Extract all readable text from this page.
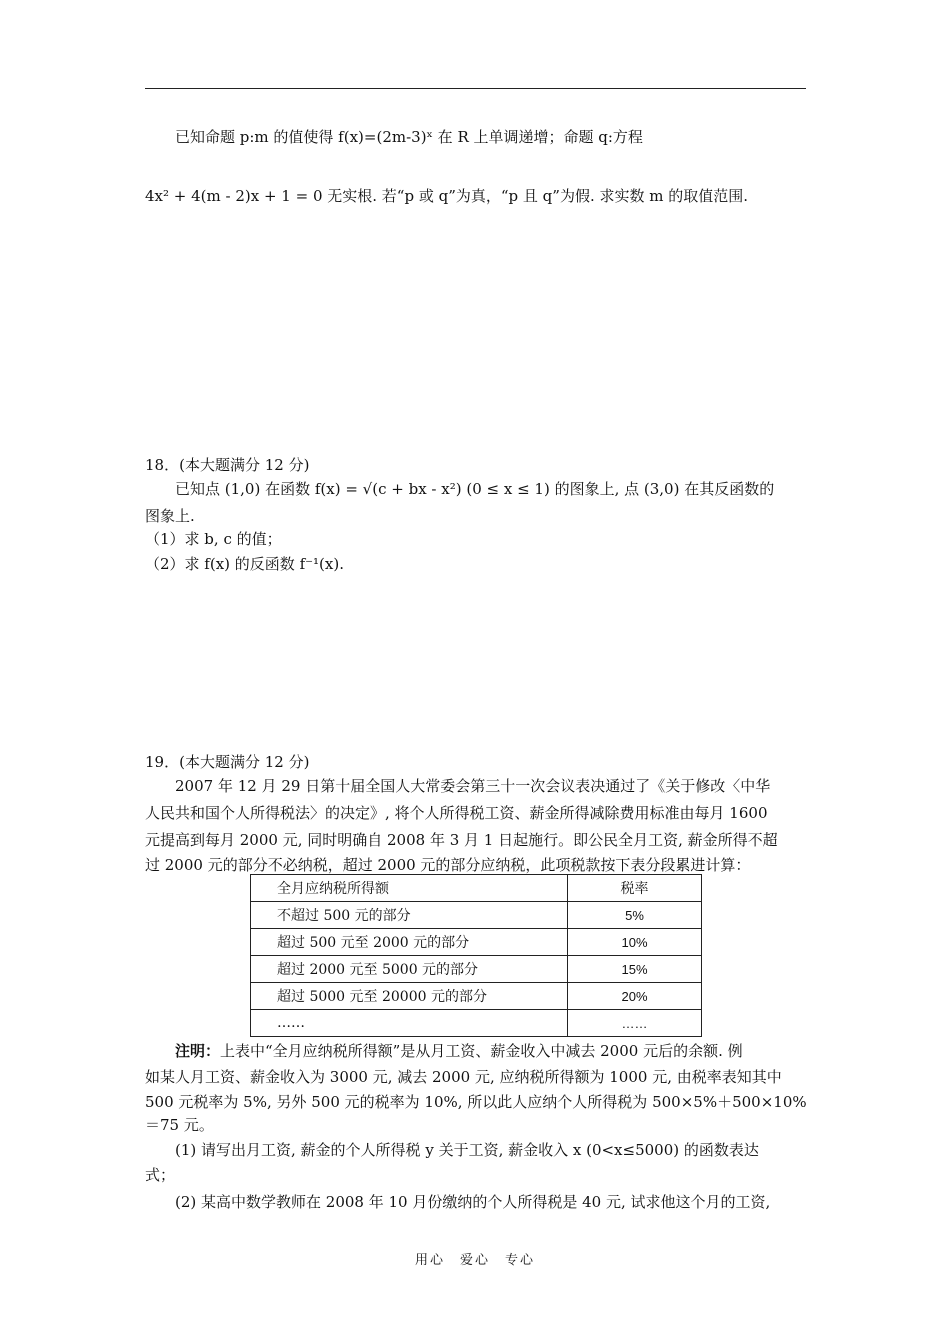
已知命题 p:m 的值使得 f(x)=(2m-3)ˣ 在 R 上单调递增；命题 q:方程
4x² + 4(m - 2)x + 1 = 0 无实根. 若“p 或 q”为真，“p 且 q”为假. 求实数 m 的取值范围.
18．(本大题满分 12 分)
已知点 (1,0) 在函数 f(x) = √(c + bx - x²) (0 ≤ x ≤ 1) 的图象上, 点 (3,0) 在其反函数的
图象上.
（1）求 b, c 的值；
（2）求 f(x) 的反函数 f⁻¹(x).
19．(本大题满分 12 分)
2007 年 12 月 29 日第十届全国人大常委会第三十一次会议表决通过了《关于修改〈中华
人民共和国个人所得税法〉的决定》, 将个人所得税工资、薪金所得减除费用标准由每月 1600
元提高到每月 2000 元, 同时明确自 2008 年 3 月 1 日起施行。即公民全月工资, 薪金所得不超
过 2000 元的部分不必纳税，超过 2000 元的部分应纳税，此项税款按下表分段累进计算：
全月应纳税所得额	税率
不超过 500 元的部分	5%
超过 500 元至 2000 元的部分	10%
超过 2000 元至 5000 元的部分	15%
超过 5000 元至 20000 元的部分	20%
……	……
注明：上表中“全月应纳税所得额”是从月工资、薪金收入中减去 2000 元后的余额. 例
如某人月工资、薪金收入为 3000 元, 减去 2000 元, 应纳税所得额为 1000 元, 由税率表知其中
500 元税率为 5%, 另外 500 元的税率为 10%, 所以此人应纳个人所得税为 500×5%＋500×10%
＝75 元。
(1) 请写出月工资, 薪金的个人所得税 y 关于工资, 薪金收入 x (0<x≤5000) 的函数表达
式；
(2) 某高中数学教师在 2008 年 10 月份缴纳的个人所得税是 40 元, 试求他这个月的工资,
用心　爱心　专心
